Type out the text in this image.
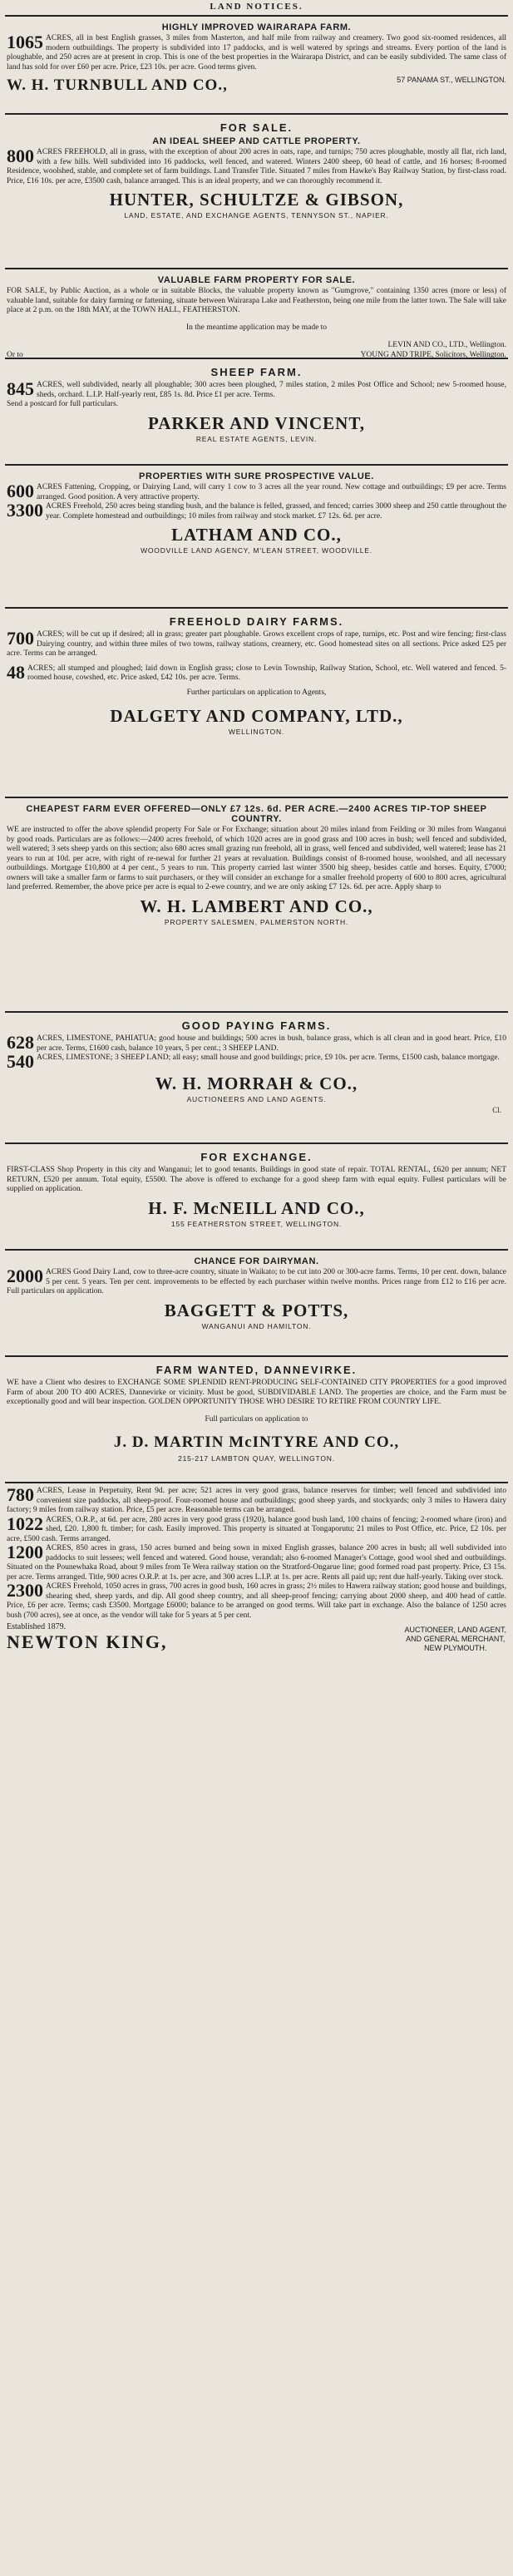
LAND NOTICES.
HIGHLY IMPROVED WAIRARAPA FARM.

1065 ACRES, all in best English grasses, 3 miles from Masterton, and half mile from railway and creamery. Two good six-roomed residences, all modern outbuildings. The property is subdivided into 17 paddocks, and is well watered by springs and streams. Every portion of the land is ploughable, and 250 acres are at present in crop. This is one of the best properties in the Wairarapa District, and can be easily subdivided. The same class of land has sold for over £60 per acre. Price, £23 10s. per acre. Good terms given.

57 PANAMA ST., WELLINGTON.
W. H. TURNBULL AND CO.,
FOR SALE.
AN IDEAL SHEEP AND CATTLE PROPERTY.

800 ACRES FREEHOLD, all in grass, with the exception of about 200 acres in oats, rape, and turnips; 750 acres ploughable, mostly all flat, rich land, with a few hills. Well subdivided into 16 paddocks, well fenced, and watered. Winters 2400 sheep, 60 head of cattle, and 16 horses; 8-roomed Residence, woolshed, stable, and complete set of farm buildings. Land Transfer Title. Situated 7 miles from Hawke's Bay Railway Station, by first-class road. Price, £16 10s. per acre, £3500 cash, balance arranged. This is an ideal property, and we can thoroughly recommend it.

HUNTER, SCHULTZE & GIBSON,
LAND, ESTATE, AND EXCHANGE AGENTS, TENNYSON ST., NAPIER.
VALUABLE FARM PROPERTY FOR SALE.

FOR SALE, by Public Auction, as a whole or in suitable Blocks, the valuable property known as "Gumgrove," containing 1350 acres (more or less) of valuable land, suitable for dairy farming or fattening, situate between Wairarapa Lake and Featherston, being one mile from the latter town. The Sale will take place at 2 p.m. on the 18th MAY, at the TOWN HALL, FEATHERSTON.

In the meantime application may be made to

LEVIN AND CO., LTD., Wellington.

Or to	YOUNG AND TRIPE, Solicitors, Wellington.

SHEEP FARM.

845 ACRES, well subdivided, nearly all ploughable; 300 acres been ploughed, 7 miles station, 2 miles Post Office and School; new 5-roomed house, sheds, orchard. L.I.P. Half-yearly rent, £85 1s. 8d. Price £1 per acre. Terms.

Send a postcard for full particulars.

PARKER AND VINCENT,
REAL ESTATE AGENTS, LEVIN.
PROPERTIES WITH SURE PROSPECTIVE VALUE.

600 ACRES Fattening, Cropping, or Dairying Land, will carry 1 cow to 3 acres all the year round. New cottage and outbuildings; £9 per acre. Terms arranged. Good position. A very attractive property.

3300 ACRES Freehold, 250 acres being standing bush, and the balance is felled, grassed, and fenced; carries 3000 sheep and 250 cattle throughout the year. Complete homestead and outbuildings; 10 miles from railway and stock market. £7 12s. 6d. per acre.

LATHAM AND CO.,
WOODVILLE LAND AGENCY, M'LEAN STREET, WOODVILLE.
FREEHOLD DAIRY FARMS.

700 ACRES; will be cut up if desired; all in grass; greater part ploughable. Grows excellent crops of rape, turnips, etc. Post and wire fencing; first-class Dairying country, and within three miles of two towns, railway stations, creamery, etc. Good homestead sites on all sections. Price asked £25 per acre. Terms can be arranged.

48 ACRES; all stumped and ploughed; laid down in English grass; close to Levin Township, Railway Station, School, etc. Well watered and fenced. 5-roomed house, cowshed, etc. Price asked, £42 10s. per acre. Terms.

Further particulars on application to Agents,

DALGETY AND COMPANY, LTD.,
WELLINGTON.
CHEAPEST FARM EVER OFFERED—ONLY £7 12s. 6d. PER ACRE.—2400 ACRES TIP-TOP SHEEP COUNTRY.

WE are instructed to offer the above splendid property For Sale or For Exchange; situation about 20 miles inland from Feilding or 30 miles from Wanganui by good roads. Particulars are as follows:—2400 acres freehold, of which 1020 acres are in good grass and 100 acres in bush; well fenced and subdivided, well watered; 3 sets sheep yards on this section; also 680 acres small grazing run freehold, all in grass, well fenced and subdivided, well watered; lease has 21 years to run at 10d. per acre, with right of re-newal for further 21 years at revaluation. Buildings consist of 8-roomed house, woolshed, and all necessary outbuildings. Mortgage £10,800 at 4 per cent., 5 years to run. This property carried last winter 3500 big sheep, besides cattle and horses. Equity, £7000; owners will take a smaller farm or farms to suit purchasers, or they will consider an exchange for a smaller freehold property of 600 to 800 acres, agricultural land preferred. Remember, the above price per acre is equal to 2-ewe country, and we are only asking £7 12s. 6d. per acre. Apply sharp to

W. H. LAMBERT AND CO.,
PROPERTY SALESMEN, PALMERSTON NORTH.
GOOD PAYING FARMS.

628 ACRES, LIMESTONE, PAHIATUA; good house and buildings; 500 acres in bush, balance grass, which is all clean and in good heart. Price, £10 per acre. Terms, £1600 cash, balance 10 years, 5 per cent.; 3 SHEEP LAND.

540 ACRES, LIMESTONE; 3 SHEEP LAND; all easy; small house and good buildings; price, £9 10s. per acre. Terms, £1500 cash, balance mortgage.

W. H. MORRAH & CO.,
AUCTIONEERS AND LAND AGENTS.
Cl.
FOR EXCHANGE.

FIRST-CLASS Shop Property in this city and Wanganui; let to good tenants. Buildings in good state of repair. TOTAL RENTAL, £620 per annum; NET RETURN, £520 per annum. Total equity, £5500. The above is offered to exchange for a good sheep farm with equal equity. Fullest particulars will be supplied on application.

H. F. McNEILL AND CO.,
155 FEATHERSTON STREET, WELLINGTON.
CHANCE FOR DAIRYMAN.

2000 ACRES Good Dairy Land, cow to three-acre country, situate in Waikato; to be cut into 200 or 300-acre farms. Terms, 10 per cent. down, balance 5 per cent. 5 years. Ten per cent. improvements to be effected by each purchaser within twelve months. Prices range from £12 to £16 per acre. Full particulars on application.

BAGGETT & POTTS,
WANGANUI AND HAMILTON.
FARM WANTED, DANNEVIRKE.

WE have a Client who desires to EXCHANGE SOME SPLENDID RENT-PRODUCING SELF-CONTAINED CITY PROPERTIES for a good improved Farm of about 200 TO 400 ACRES, Dannevirke or vicinity. Must be good, SUBDIVIDABLE LAND. The properties are choice, and the Farm must be exceptionally good and will bear inspection. GOLDEN OPPORTUNITY THOSE WHO DESIRE TO RETIRE FROM COUNTRY LIFE.

Full particulars on application to

J. D. MARTIN McINTYRE AND CO.,
215-217 LAMBTON QUAY, WELLINGTON.

780 ACRES, Lease in Perpetuity, Rent 9d. per acre; 521 acres in very good grass, balance reserves for timber; well fenced and subdivided into convenient size paddocks, all sheep-proof. Four-roomed house and outbuildings; good sheep yards, and stockyards; only 3 miles to Hawera dairy factory; 9 miles from railway station. Price, £5 per acre. Reasonable terms can be arranged.

1022 ACRES, O.R.P., at 6d. per acre, 280 acres in very good grass (1920), balance good bush land, 100 chains of fencing; 2-roomed whare (iron) and shed, £20. 1,800 ft. timber; for cash. Easily improved. This property is situated at Tongaporutu; 21 miles to Post Office, etc. Price, £2 10s. per acre, £500 cash. Terms arranged.

1200 ACRES, 850 acres in grass, 150 acres burned and being sown in mixed English grasses, balance 200 acres in bush; all well subdivided into paddocks to suit lessees; well fenced and watered. Good house, verandah; also 6-roomed Manager's Cottage, good wool shed and outbuildings. Situated on the Pounewhaka Road, about 9 miles from Te Wera railway station on the Stratford-Ongarue line; good formed road past property. Price, £3 15s. per acre. Terms arranged. Title, 900 acres O.R.P. at 1s. per acre, and 300 acres L.I.P. at 1s. per acre. Rents all paid up; rent due half-yearly. Taking over stock.

2300 ACRES Freehold, 1050 acres in grass, 700 acres in good bush, 160 acres in grass; 2½ miles to Hawera railway station; good house and buildings, shearing shed, sheep yards, and dip. All good sheep country, and all sheep-proof fencing; carrying about 2000 sheep, and 400 head of cattle. Price, £6 per acre. Terms; cash £3500. Mortgage £6000; balance to be arranged on good terms. Will take part in exchange. Also the balance of 1250 acres bush (700 acres), see at once, as the vendor will take for 5 years at 5 per cent.

Established 1879.
NEWTON KING,
AUCTIONEER, LAND AGENT,
AND GENERAL MERCHANT,
NEW PLYMOUTH.
